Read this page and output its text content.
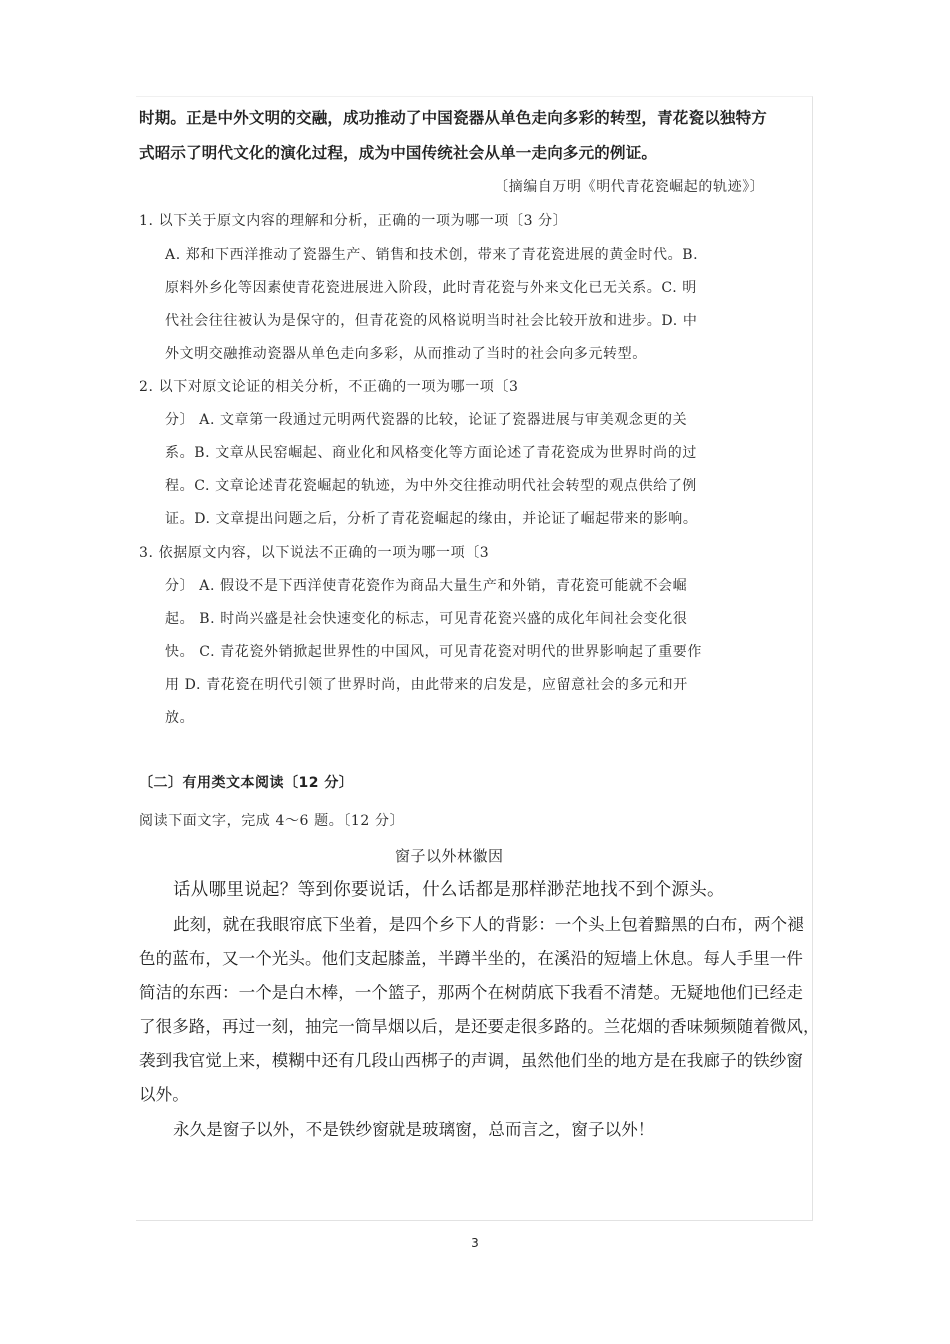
时期。正是中外文明的交融，成功推动了中国瓷器从单色走向多彩的转型，青花瓷以独特方
式昭示了明代文化的演化过程，成为中国传统社会从单一走向多元的例证。
〔摘编自万明《明代青花瓷崛起的轨迹》〕
1. 以下关于原文内容的理解和分析，正确的一项为哪一项〔3 分〕
A. 郑和下西洋推动了瓷器生产、销售和技术创，带来了青花瓷进展的黄金时代。B.
原料外乡化等因素使青花瓷进展进入阶段，此时青花瓷与外来文化已无关系。C. 明
代社会往往被认为是保守的，但青花瓷的风格说明当时社会比较开放和进步。D. 中
外文明交融推动瓷器从单色走向多彩，从而推动了当时的社会向多元转型。
2. 以下对原文论证的相关分析，不正确的一项为哪一项〔3
分〕 A. 文章第一段通过元明两代瓷器的比较，论证了瓷器进展与审美观念更的关
系。B. 文章从民窑崛起、商业化和风格变化等方面论述了青花瓷成为世界时尚的过
程。C. 文章论述青花瓷崛起的轨迹，为中外交往推动明代社会转型的观点供给了例
证。D. 文章提出问题之后，分析了青花瓷崛起的缘由，并论证了崛起带来的影响。
3. 依据原文内容，以下说法不正确的一项为哪一项〔3
分〕 A. 假设不是下西洋使青花瓷作为商品大量生产和外销，青花瓷可能就不会崛
起。 B. 时尚兴盛是社会快速变化的标志，可见青花瓷兴盛的成化年间社会变化很
快。 C. 青花瓷外销掀起世界性的中国风，可见青花瓷对明代的世界影响起了重要作
用 D. 青花瓷在明代引领了世界时尚，由此带来的启发是，应留意社会的多元和开
放。
〔二〕有用类文本阅读〔12 分〕
阅读下面文字，完成 4〜6 题。〔12 分〕
窗子以外林徽因
话从哪里说起？等到你要说话，什么话都是那样渺茫地找不到个源头。
此刻，就在我眼帘底下坐着，是四个乡下人的背影：一个头上包着黯黑的白布，两个褪
色的蓝布，又一个光头。他们支起膝盖，半蹲半坐的，在溪沿的短墙上休息。每人手里一件
简洁的东西：一个是白木棒，一个篮子，那两个在树荫底下我看不清楚。无疑地他们已经走
了很多路，再过一刻，抽完一筒旱烟以后，是还要走很多路的。兰花烟的香味频频随着微风，
袭到我官觉上来，模糊中还有几段山西梆子的声调，虽然他们坐的地方是在我廊子的铁纱窗
以外。
永久是窗子以外，不是铁纱窗就是玻璃窗，总而言之，窗子以外！
3
